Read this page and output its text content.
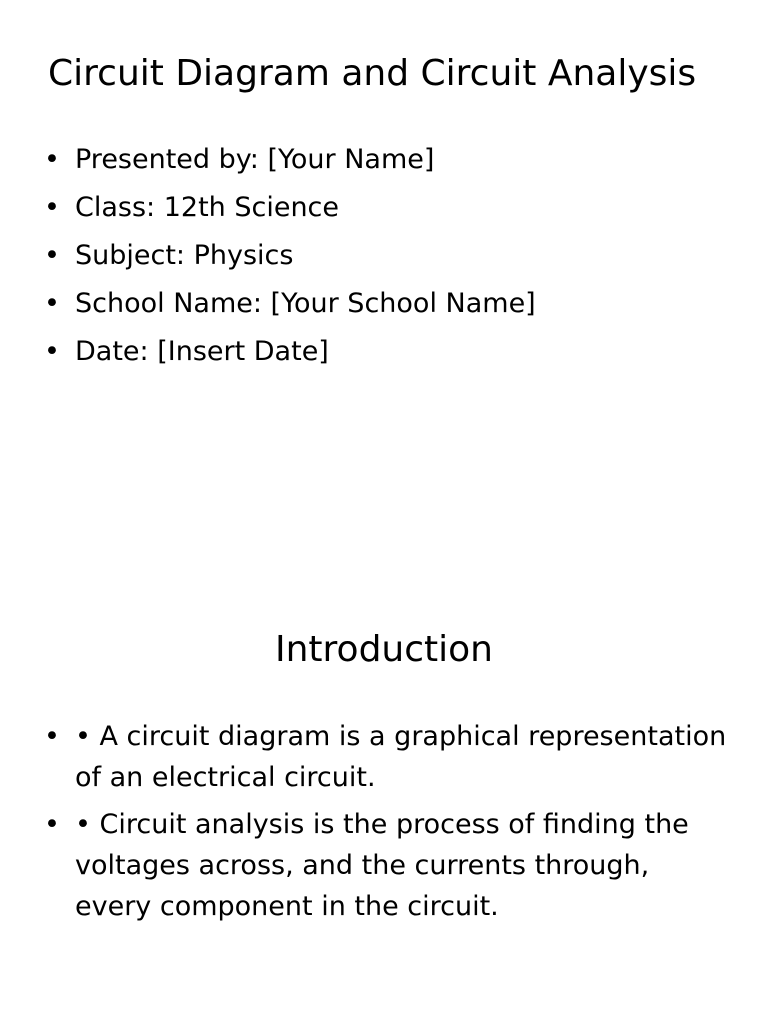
Circuit Diagram and Circuit Analysis
• Presented by: [Your Name]
• Class: 12th Science
• Subject: Physics
• School Name: [Your School Name]
• Date: [Insert Date]
Introduction
• • A circuit diagram is a graphical representation of an electrical circuit.
• • Circuit analysis is the process of finding the voltages across, and the currents through, every component in the circuit.
